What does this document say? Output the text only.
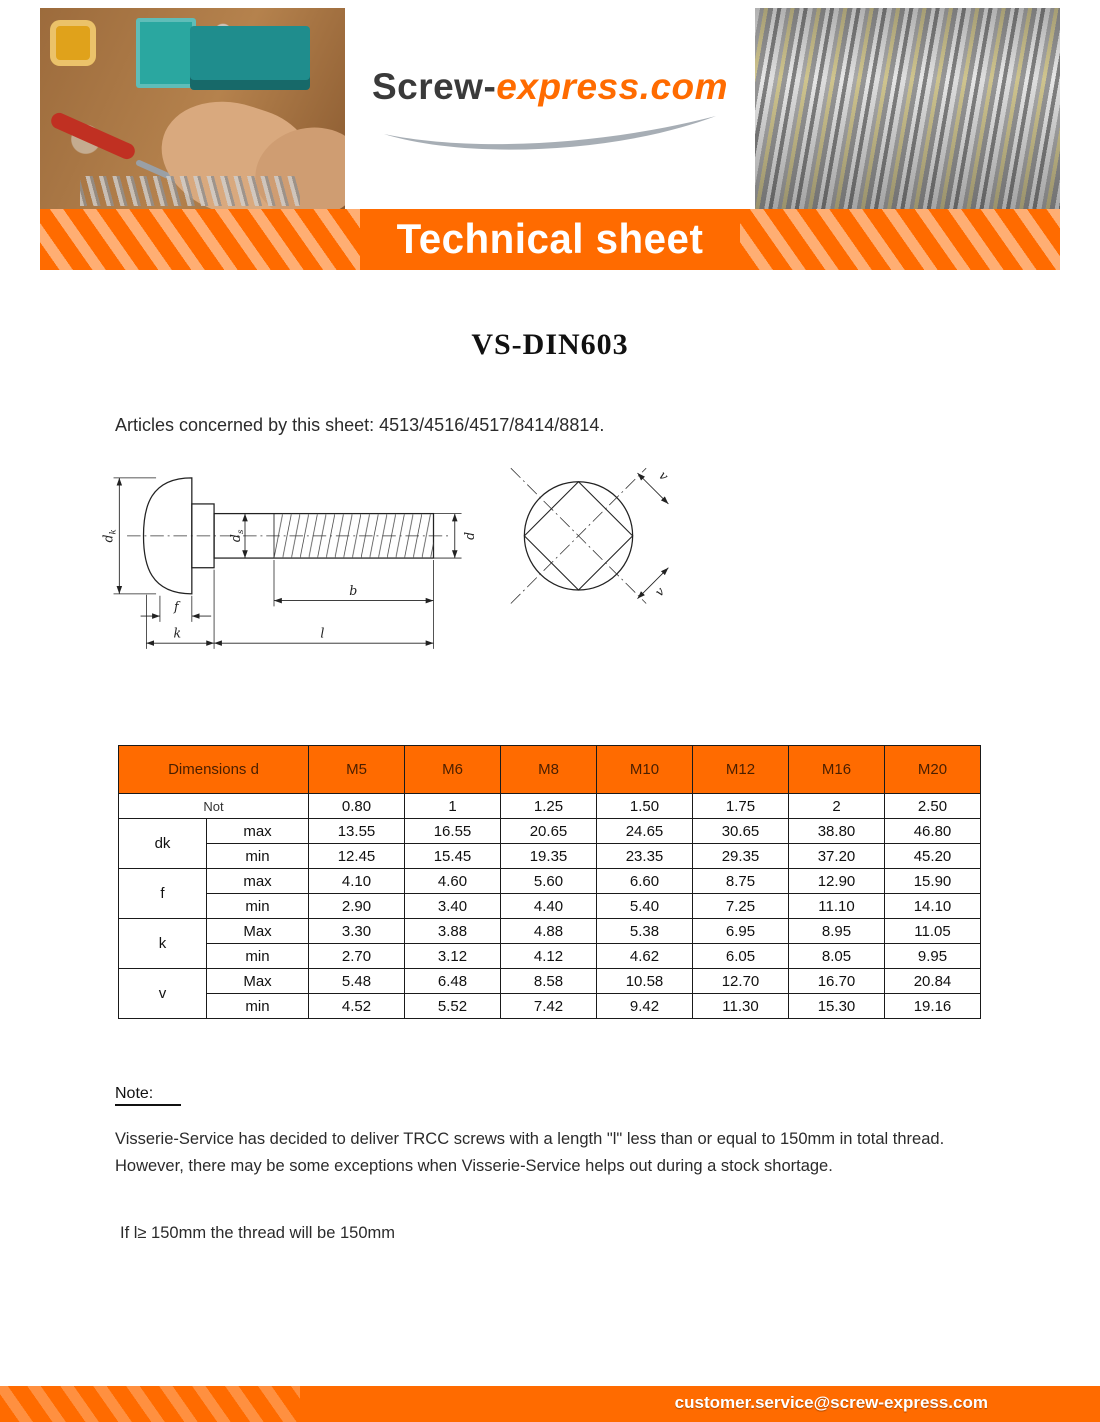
Screw-express.com
Technical sheet
VS-DIN603
Articles concerned by this sheet: 4513/4516/4517/8414/8814.
$d_k$
$d_s$	d
f
k	l
b
v
v
Dimensions d		M5	M6	M8	M10	M12	M16	M20
Not		0.80	1	1.25	1.50	1.75	2	2.50
dk	max	13.55	16.55	20.65	24.65	30.65	38.80	46.80
	min	12.45	15.45	19.35	23.35	29.35	37.20	45.20
f	max	4.10	4.60	5.60	6.60	8.75	12.90	15.90
	min	2.90	3.40	4.40	5.40	7.25	11.10	14.10
k	Max	3.30	3.88	4.88	5.38	6.95	8.95	11.05
	min	2.70	3.12	4.12	4.62	6.05	8.05	9.95
v	Max	5.48	6.48	8.58	10.58	12.70	16.70	20.84
	min	4.52	5.52	7.42	9.42	11.30	15.30	19.16
Note:
Visserie-Service has decided to deliver TRCC screws with a length "l" less than or equal to 150mm in total thread. However, there may be some exceptions when Visserie-Service helps out during a stock shortage.
If l≥ 150mm the thread will be 150mm
customer.service@screw-express.com
